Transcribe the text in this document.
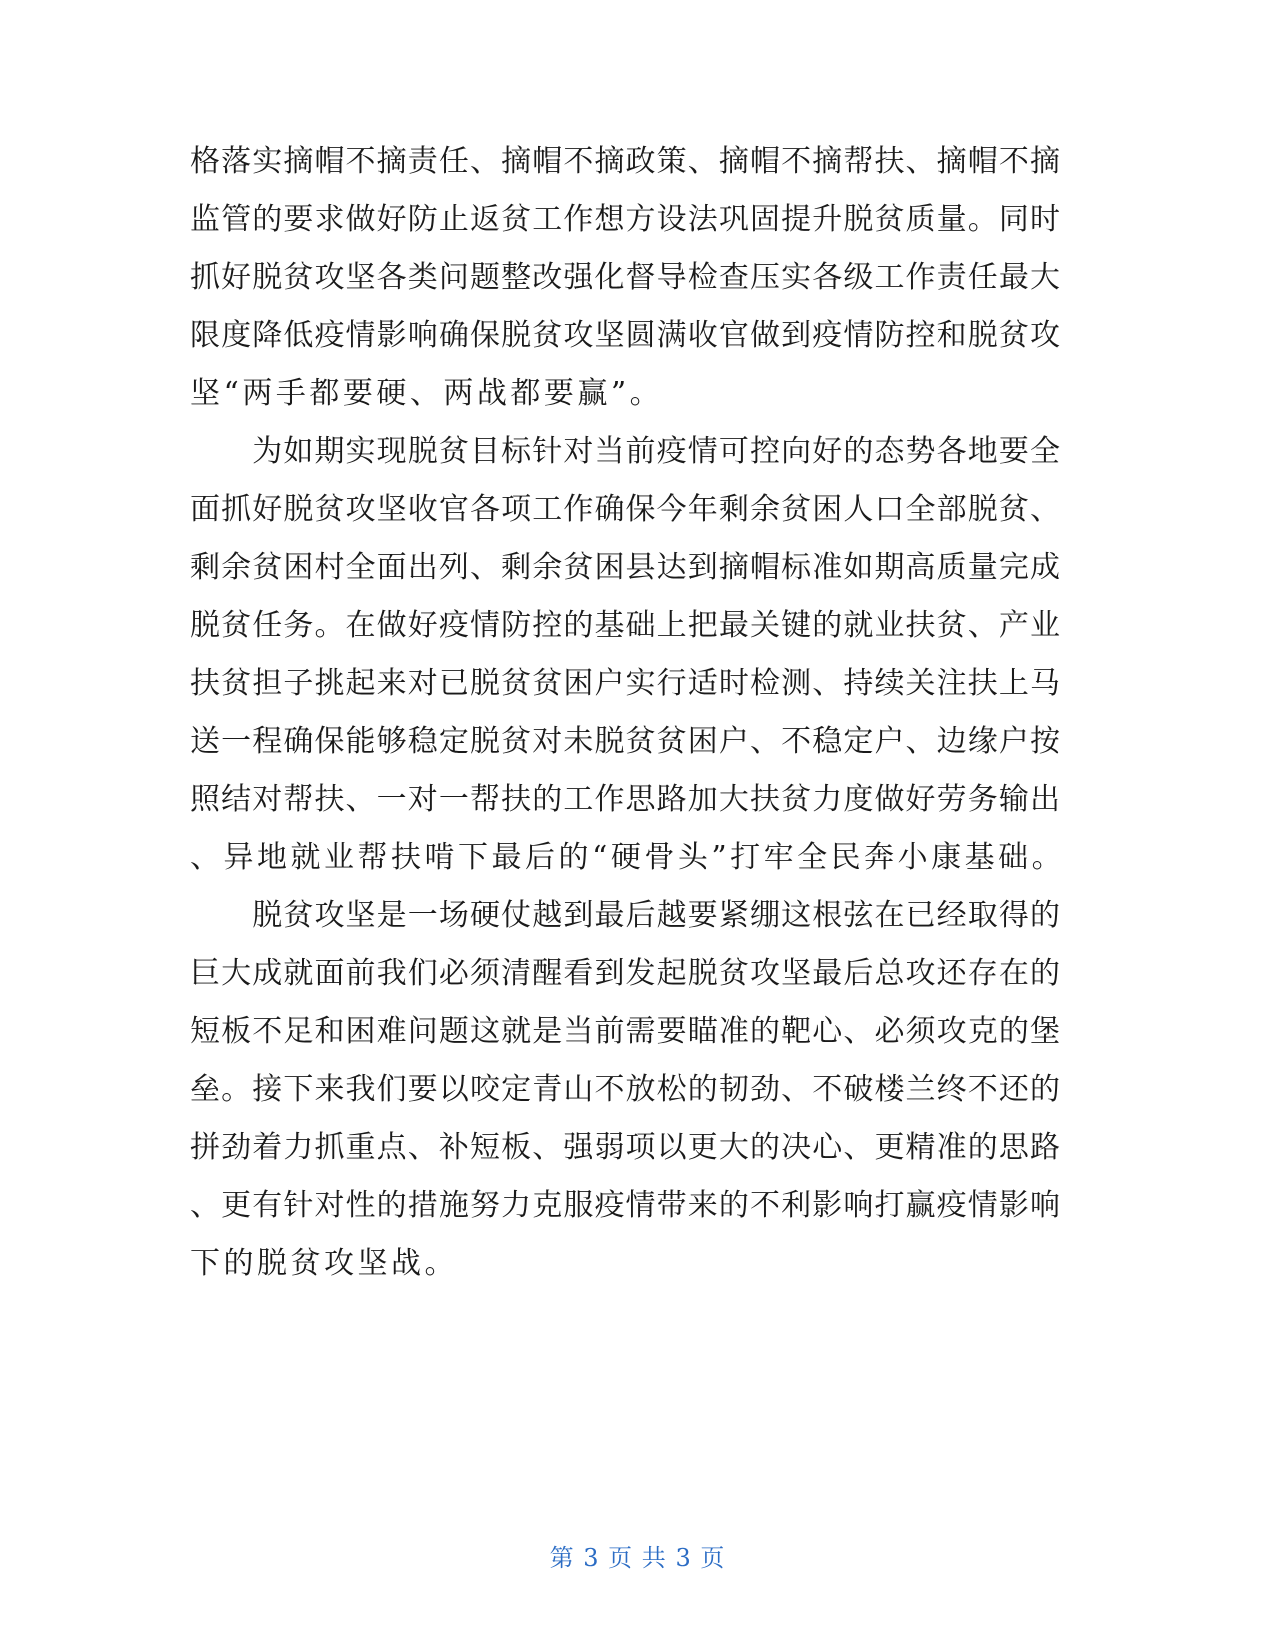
格落实摘帽不摘责任、摘帽不摘政策、摘帽不摘帮扶、摘帽不摘
监管的要求做好防止返贫工作想方设法巩固提升脱贫质量。同时
抓好脱贫攻坚各类问题整改强化督导检查压实各级工作责任最大
限度降低疫情影响确保脱贫攻坚圆满收官做到疫情防控和脱贫攻
坚“两手都要硬、两战都要赢”。
　　为如期实现脱贫目标针对当前疫情可控向好的态势各地要全
面抓好脱贫攻坚收官各项工作确保今年剩余贫困人口全部脱贫、
剩余贫困村全面出列、剩余贫困县达到摘帽标准如期高质量完成
脱贫任务。在做好疫情防控的基础上把最关键的就业扶贫、产业
扶贫担子挑起来对已脱贫贫困户实行适时检测、持续关注扶上马
送一程确保能够稳定脱贫对未脱贫贫困户、不稳定户、边缘户按
照结对帮扶、一对一帮扶的工作思路加大扶贫力度做好劳务输出
、异地就业帮扶啃下最后的“硬骨头”打牢全民奔小康基础。
　　脱贫攻坚是一场硬仗越到最后越要紧绷这根弦在已经取得的
巨大成就面前我们必须清醒看到发起脱贫攻坚最后总攻还存在的
短板不足和困难问题这就是当前需要瞄准的靶心、必须攻克的堡
垒。接下来我们要以咬定青山不放松的韧劲、不破楼兰终不还的
拼劲着力抓重点、补短板、强弱项以更大的决心、更精准的思路
、更有针对性的措施努力克服疫情带来的不利影响打赢疫情影响
下的脱贫攻坚战。
第 3 页 共 3 页
